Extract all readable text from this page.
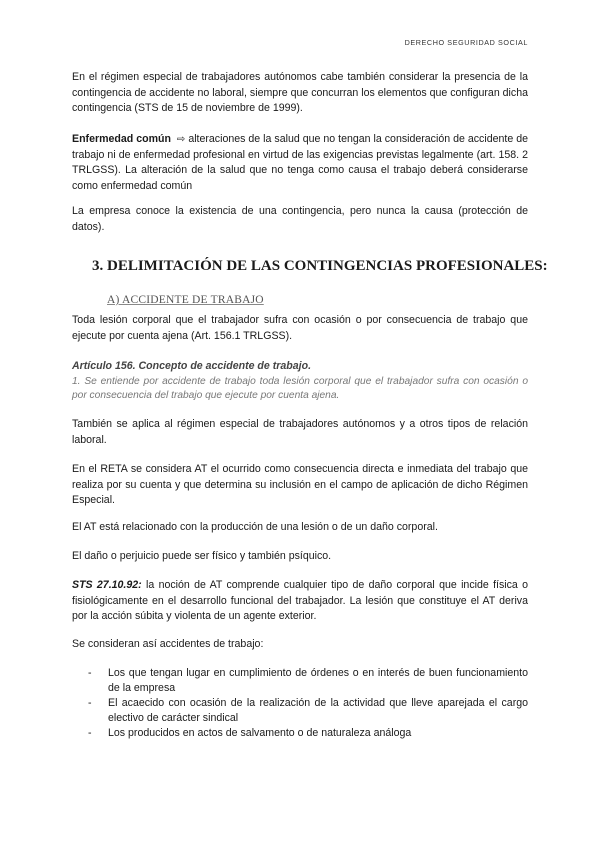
DERECHO SEGURIDAD SOCIAL
En el régimen especial de trabajadores autónomos cabe también considerar la presencia de la contingencia de accidente no laboral, siempre que concurran los elementos que configuran dicha contingencia (STS de 15 de noviembre de 1999).
Enfermedad común ⇨ alteraciones de la salud que no tengan la consideración de accidente de trabajo ni de enfermedad profesional en virtud de las exigencias previstas legalmente (art. 158. 2 TRLGSS). La alteración de la salud que no tenga como causa el trabajo deberá considerarse como enfermedad común
La empresa conoce la existencia de una contingencia, pero nunca la causa (protección de datos).
3. DELIMITACIÓN DE LAS CONTINGENCIAS PROFESIONALES:
A) ACCIDENTE DE TRABAJO
Toda lesión corporal que el trabajador sufra con ocasión o por consecuencia de trabajo que ejecute por cuenta ajena (Art. 156.1 TRLGSS).
Artículo 156. Concepto de accidente de trabajo.
1. Se entiende por accidente de trabajo toda lesión corporal que el trabajador sufra con ocasión o por consecuencia del trabajo que ejecute por cuenta ajena.
También se aplica al régimen especial de trabajadores autónomos y a otros tipos de relación laboral.
En el RETA se considera AT el ocurrido como consecuencia directa e inmediata del trabajo que realiza por su cuenta y que determina su inclusión en el campo de aplicación de dicho Régimen Especial.
El AT está relacionado con la producción de una lesión o de un daño corporal.
El daño o perjuicio puede ser físico y también psíquico.
STS 27.10.92: la noción de AT comprende cualquier tipo de daño corporal que incide física o fisiológicamente en el desarrollo funcional del trabajador. La lesión que constituye el AT deriva por la acción súbita y violenta de un agente exterior.
Se consideran así accidentes de trabajo:
-	Los que tengan lugar en cumplimiento de órdenes o en interés de buen funcionamiento de la empresa
-	El acaecido con ocasión de la realización de la actividad que lleve aparejada el cargo electivo de carácter sindical
-	Los producidos en actos de salvamento o de naturaleza análoga
